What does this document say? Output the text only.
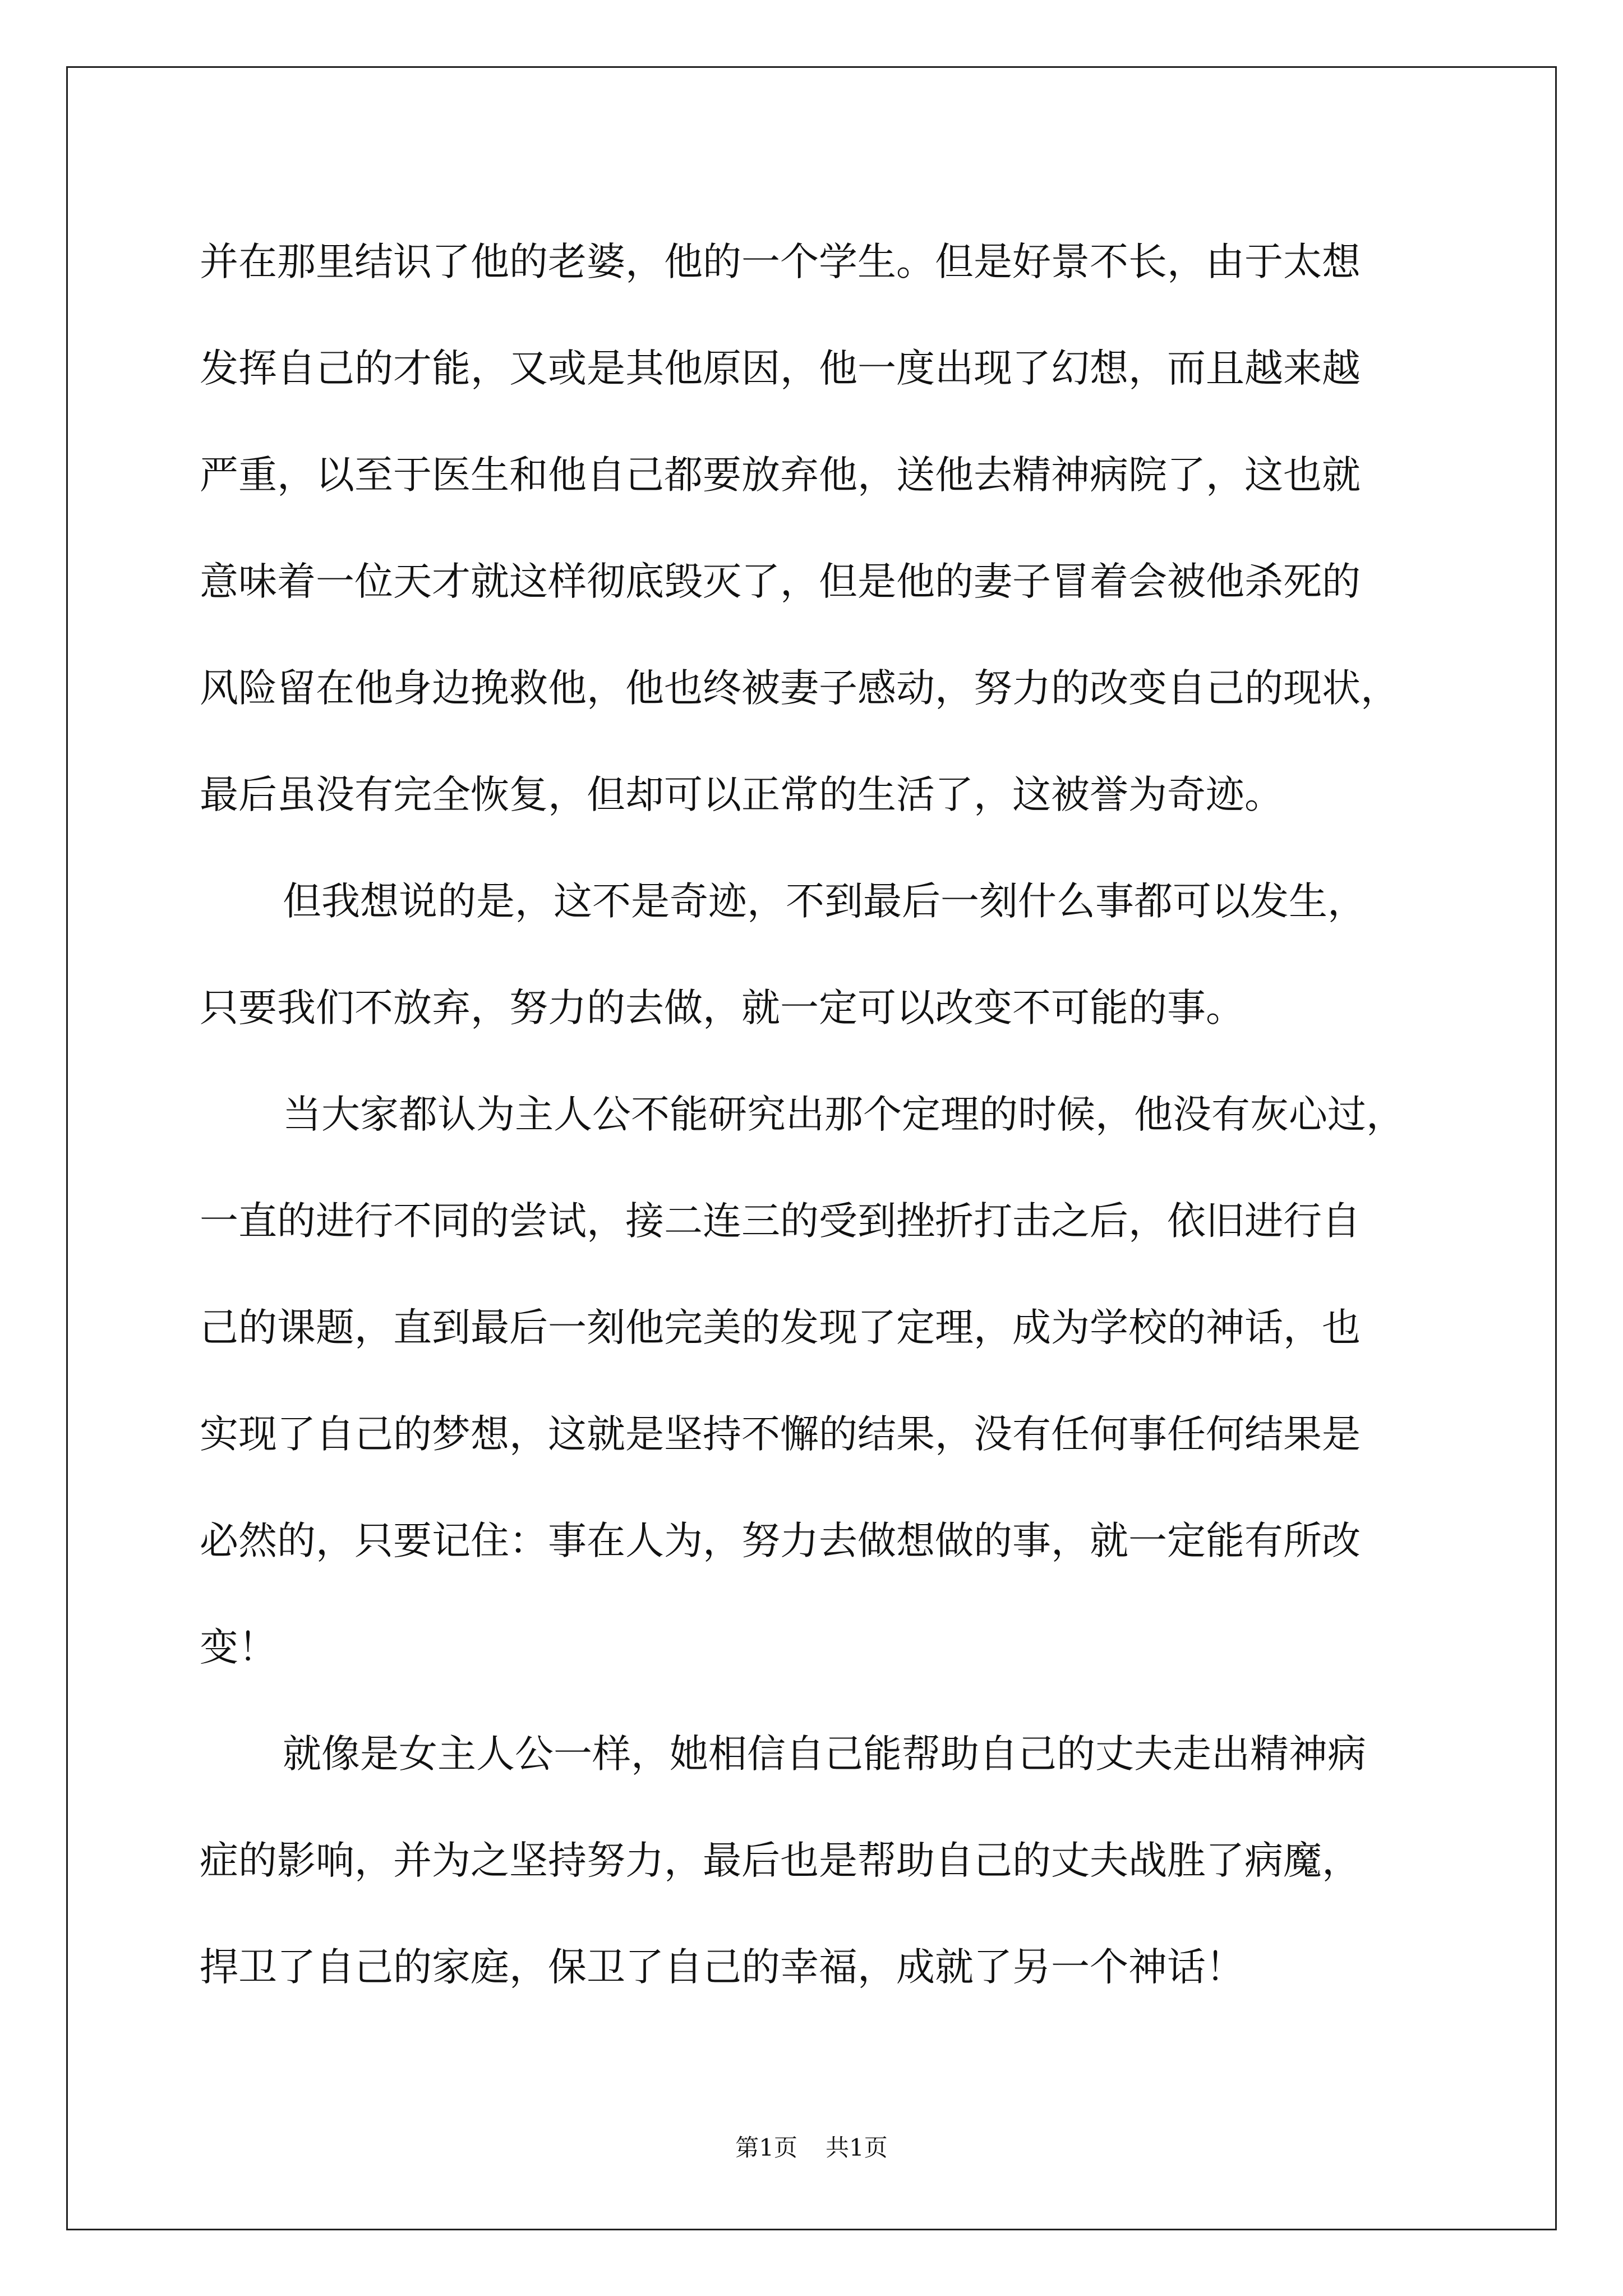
并在那里结识了他的老婆，他的一个学生。但是好景不长，由于太想
发挥自己的才能，又或是其他原因，他一度出现了幻想，而且越来越
严重，以至于医生和他自己都要放弃他，送他去精神病院了，这也就
意味着一位天才就这样彻底毁灭了，但是他的妻子冒着会被他杀死的
风险留在他身边挽救他，他也终被妻子感动，努力的改变自己的现状，
最后虽没有完全恢复，但却可以正常的生活了，这被誉为奇迹。
但我想说的是，这不是奇迹，不到最后一刻什么事都可以发生，
只要我们不放弃，努力的去做，就一定可以改变不可能的事。
当大家都认为主人公不能研究出那个定理的时候，他没有灰心过，
一直的进行不同的尝试，接二连三的受到挫折打击之后，依旧进行自
己的课题，直到最后一刻他完美的发现了定理，成为学校的神话，也
实现了自己的梦想，这就是坚持不懈的结果，没有任何事任何结果是
必然的，只要记住：事在人为，努力去做想做的事，就一定能有所改
变！
就像是女主人公一样，她相信自己能帮助自己的丈夫走出精神病
症的影响，并为之坚持努力，最后也是帮助自己的丈夫战胜了病魔，
捍卫了自己的家庭，保卫了自己的幸福，成就了另一个神话！
第1页 共1页
